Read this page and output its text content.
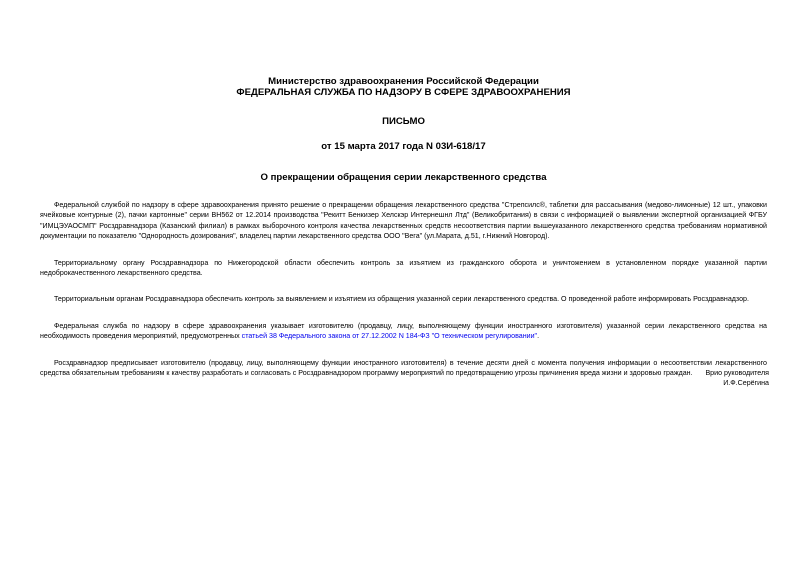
Министерство здравоохранения Российской Федерации
ФЕДЕРАЛЬНАЯ СЛУЖБА ПО НАДЗОРУ В СФЕРЕ ЗДРАВООХРАНЕНИЯ
ПИСЬМО
от 15 марта 2017 года N 03И-618/17
О прекращении обращения серии лекарственного средства

Федеральной службой по надзору в сфере здравоохранения принято решение о прекращении обращения лекарственного средства "Стрепсилс®, таблетки для рассасывания (медово-лимонные) 12 шт., упаковки ячейковые контурные (2), пачки картонные" серии BH562 от 12.2014 производства "Рекитт Бенкизер Хелскэр Интернешнл Лтд" (Великобритания) в связи с информацией о выявлении экспертной организацией ФГБУ "ИМЦЭУАОСМП" Росздравнадзора (Казанский филиал) в рамках выборочного контроля качества лекарственных средств несоответствия партии вышеуказанного лекарственного средства требованиям нормативной документации по показателю "Однородность дозирования", владелец партии лекарственного средства ООО "Вега" (ул.Марата, д.51, г.Нижний Новгород).

Территориальному органу Росздравнадзора по Нижегородской области обеспечить контроль за изъятием из гражданского оборота и уничтожением в установленном порядке указанной партии недоброкачественного лекарственного средства.

Территориальным органам Росздравнадзора обеспечить контроль за выявлением и изъятием из обращения указанной серии лекарственного средства. О проведенной работе информировать Росздравнадзор.

Федеральная служба по надзору в сфере здравоохранения указывает изготовителю (продавцу, лицу, выполняющему функции иностранного изготовителя) указанной серии лекарственного средства на необходимость проведения мероприятий, предусмотренных статьей 38 Федерального закона от 27.12.2002 N 184-ФЗ "О техническом регулировании".

Росздравнадзор предписывает изготовителю (продавцу, лицу, выполняющему функции иностранного изготовителя) в течение десяти дней с момента получения информации о несоответствии лекарственного средства обязательным требованиям к качеству разработать и согласовать с Росздравнадзором программу мероприятий по предотвращению угрозы причинения вреда жизни и здоровью граждан.	Врио руководителя
И.Ф.Серёгина
